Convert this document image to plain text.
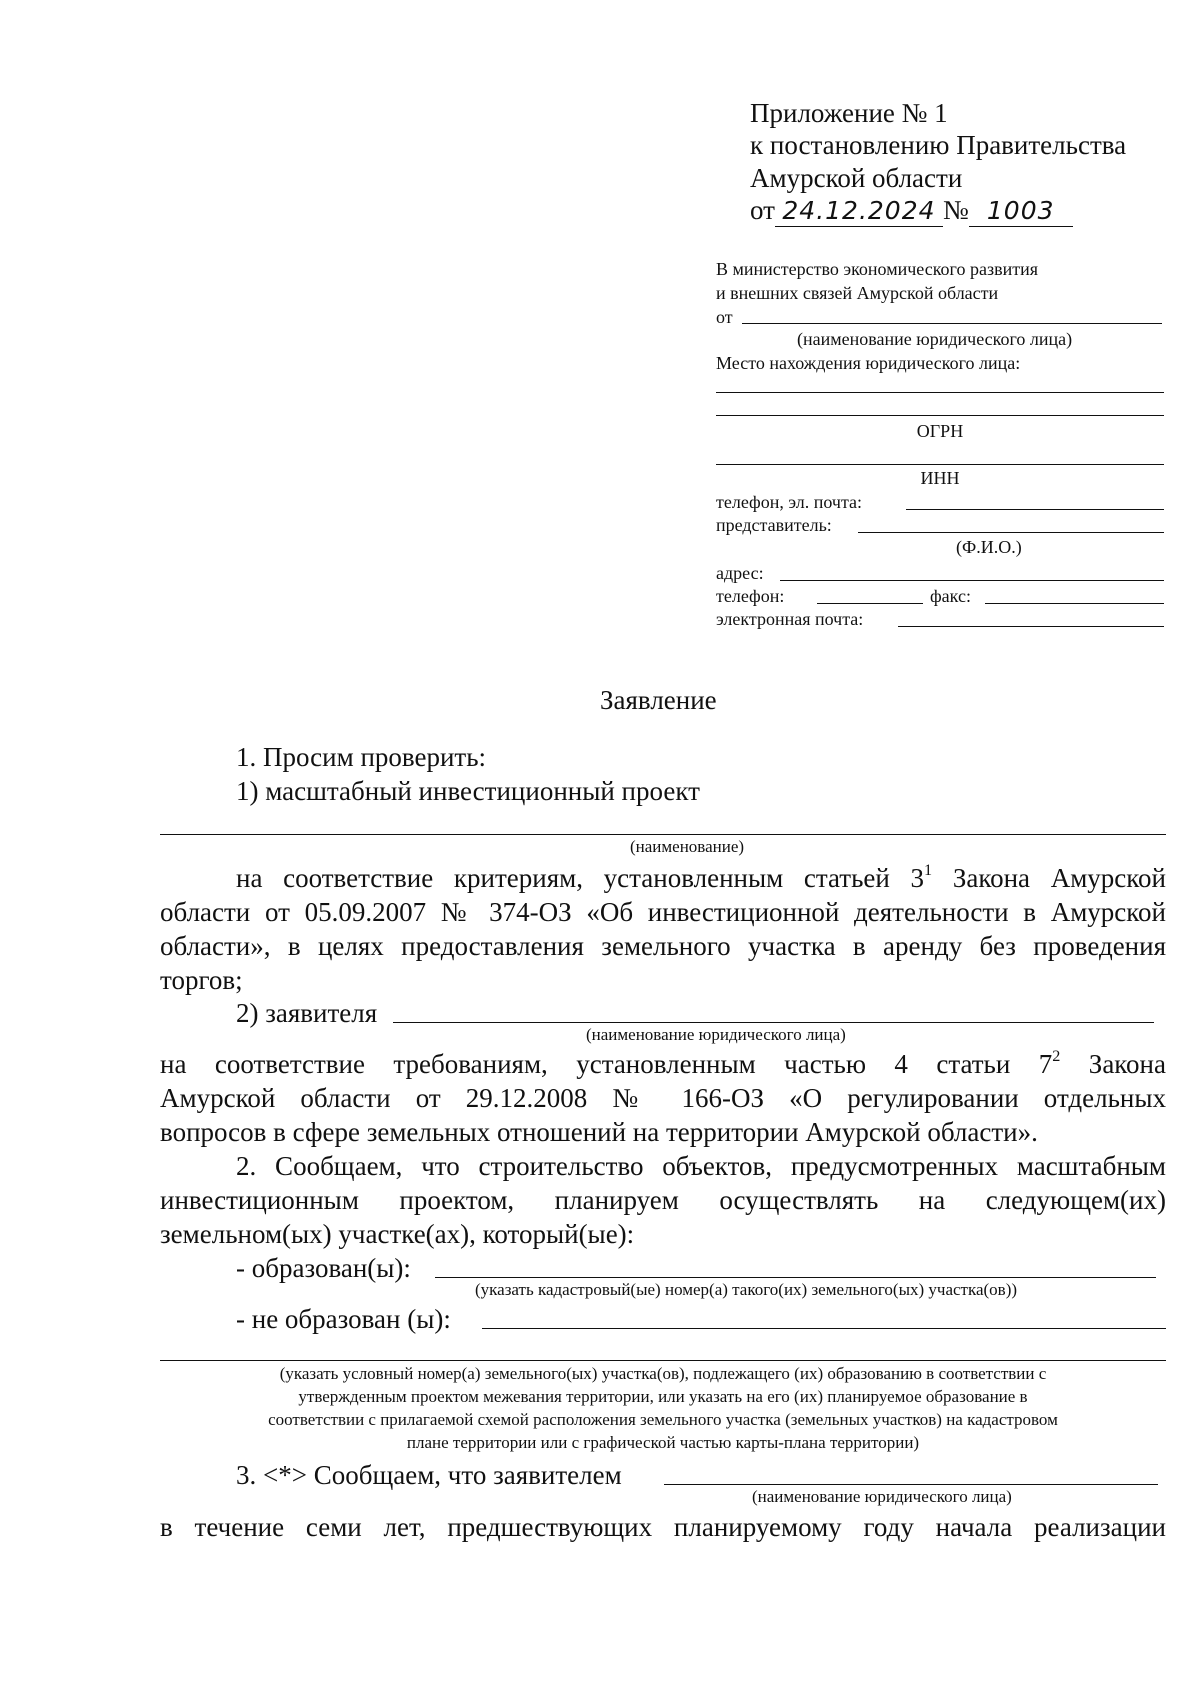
Приложение № 1
к постановлению Правительства
Амурской области
от 24.12.2024 № 1003
В министерство экономического развития
и внешних связей Амурской области
от
(наименование юридического лица)
Место нахождения юридического лица:
ОГРН
ИНН
телефон, эл. почта:
представитель:
(Ф.И.О.)
адрес:
телефон:	факс:
электронная почта:
Заявление
1. Просим проверить:
1) масштабный инвестиционный проект
(наименование)
на соответствие критериям, установленным статьей $3^1$ Закона Амурской
области от 05.09.2007 № 374-ОЗ «Об инвестиционной деятельности в Амурской
области», в целях предоставления земельного участка в аренду без проведения
торгов;
2) заявителя
(наименование юридического лица)
на соответствие требованиям, установленным частью 4 статьи $7^2$ Закона
Амурской области от 29.12.2008 № 166-ОЗ «О регулировании отдельных
вопросов в сфере земельных отношений на территории Амурской области».
2. Сообщаем, что строительство объектов, предусмотренных масштабным
инвестиционным проектом, планируем осуществлять на следующем(их)
земельном(ых) участке(ах), который(ые):
- образован(ы):
(указать кадастровый(ые) номер(а) такого(их) земельного(ых) участка(ов))
- не образован (ы):
(указать условный номер(а) земельного(ых) участка(ов), подлежащего (их) образованию в соответствии с
утвержденным проектом межевания территории, или указать на его (их) планируемое образование в
соответствии с прилагаемой схемой расположения земельного участка (земельных участков) на кадастровом
плане территории или с графической частью карты-плана территории)
3. <*> Сообщаем, что заявителем
(наименование юридического лица)
в течение семи лет, предшествующих планируемому году начала реализации
